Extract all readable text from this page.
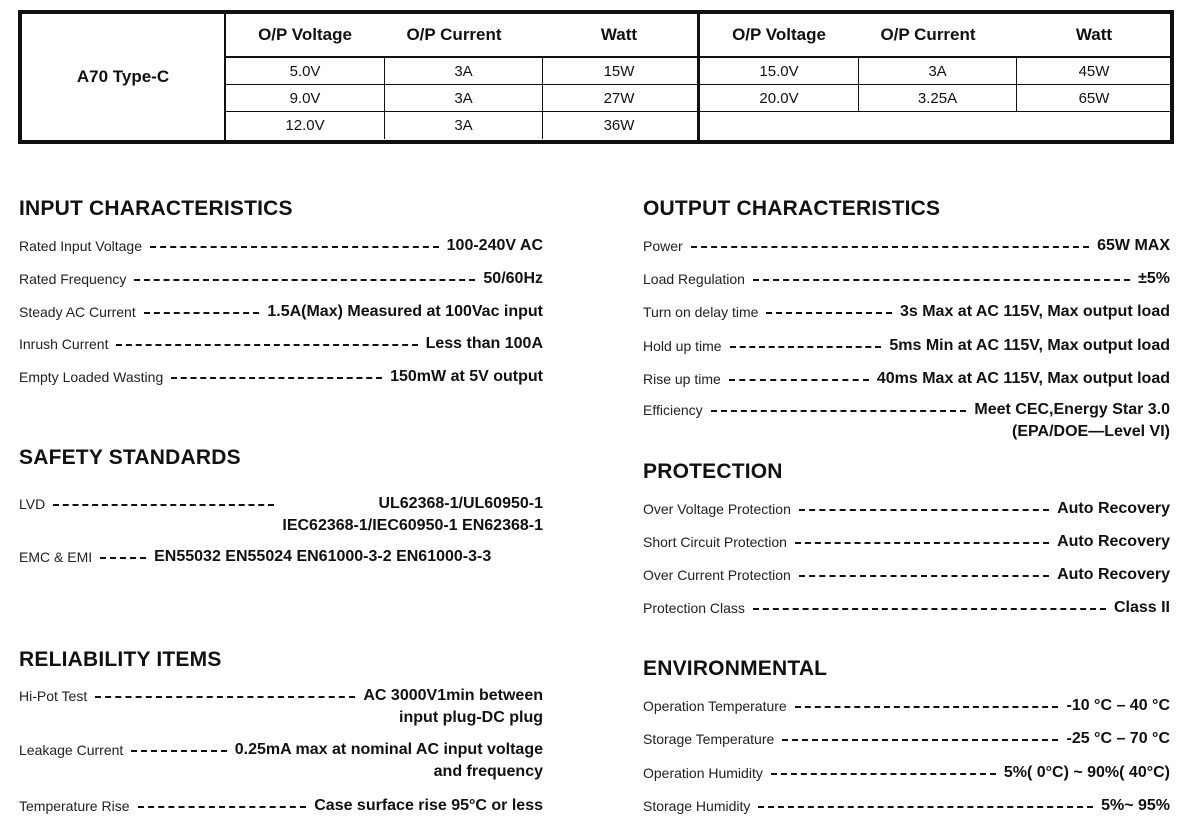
A70 Type-C
O/P Voltage	O/P Current	Watt
5.0V	3A	15W
9.0V	3A	27W
12.0V	3A	36W
O/P Voltage	O/P Current	Watt
15.0V	3A	45W
20.0V	3.25A	65W
INPUT CHARACTERISTICS
Rated Input Voltage	100-240V AC
Rated Frequency	50/60Hz
Steady AC Current	1.5A(Max) Measured at 100Vac input
Inrush Current	Less than 100A
Empty Loaded Wasting	150mW at 5V output
SAFETY STANDARDS
LVD	UL62368-1/UL60950-1
IEC62368-1/IEC60950-1 EN62368-1
EMC & EMI	EN55032 EN55024 EN61000-3-2 EN61000-3-3
RELIABILITY ITEMS
Hi-Pot Test	AC 3000V1min between
input plug-DC plug
Leakage Current	0.25mA max at nominal AC input voltage
and frequency
Temperature Rise	Case surface rise 95°C or less
OUTPUT CHARACTERISTICS
Power	65W MAX
Load Regulation	±5%
Turn on delay time	3s Max at AC 115V, Max output load
Hold up time	5ms Min at AC 115V, Max output load
Rise up time	40ms Max at AC 115V, Max output load
Efficiency	Meet CEC,Energy Star 3.0
(EPA/DOE—Level VI)
PROTECTION
Over Voltage Protection	Auto Recovery
Short Circuit Protection	Auto Recovery
Over Current Protection	Auto Recovery
Protection Class	Class II
ENVIRONMENTAL
Operation Temperature	-10 °C – 40 °C
Storage Temperature	-25 °C – 70 °C
Operation Humidity	5%( 0°C) ~ 90%( 40°C)
Storage Humidity	5%~ 95%
